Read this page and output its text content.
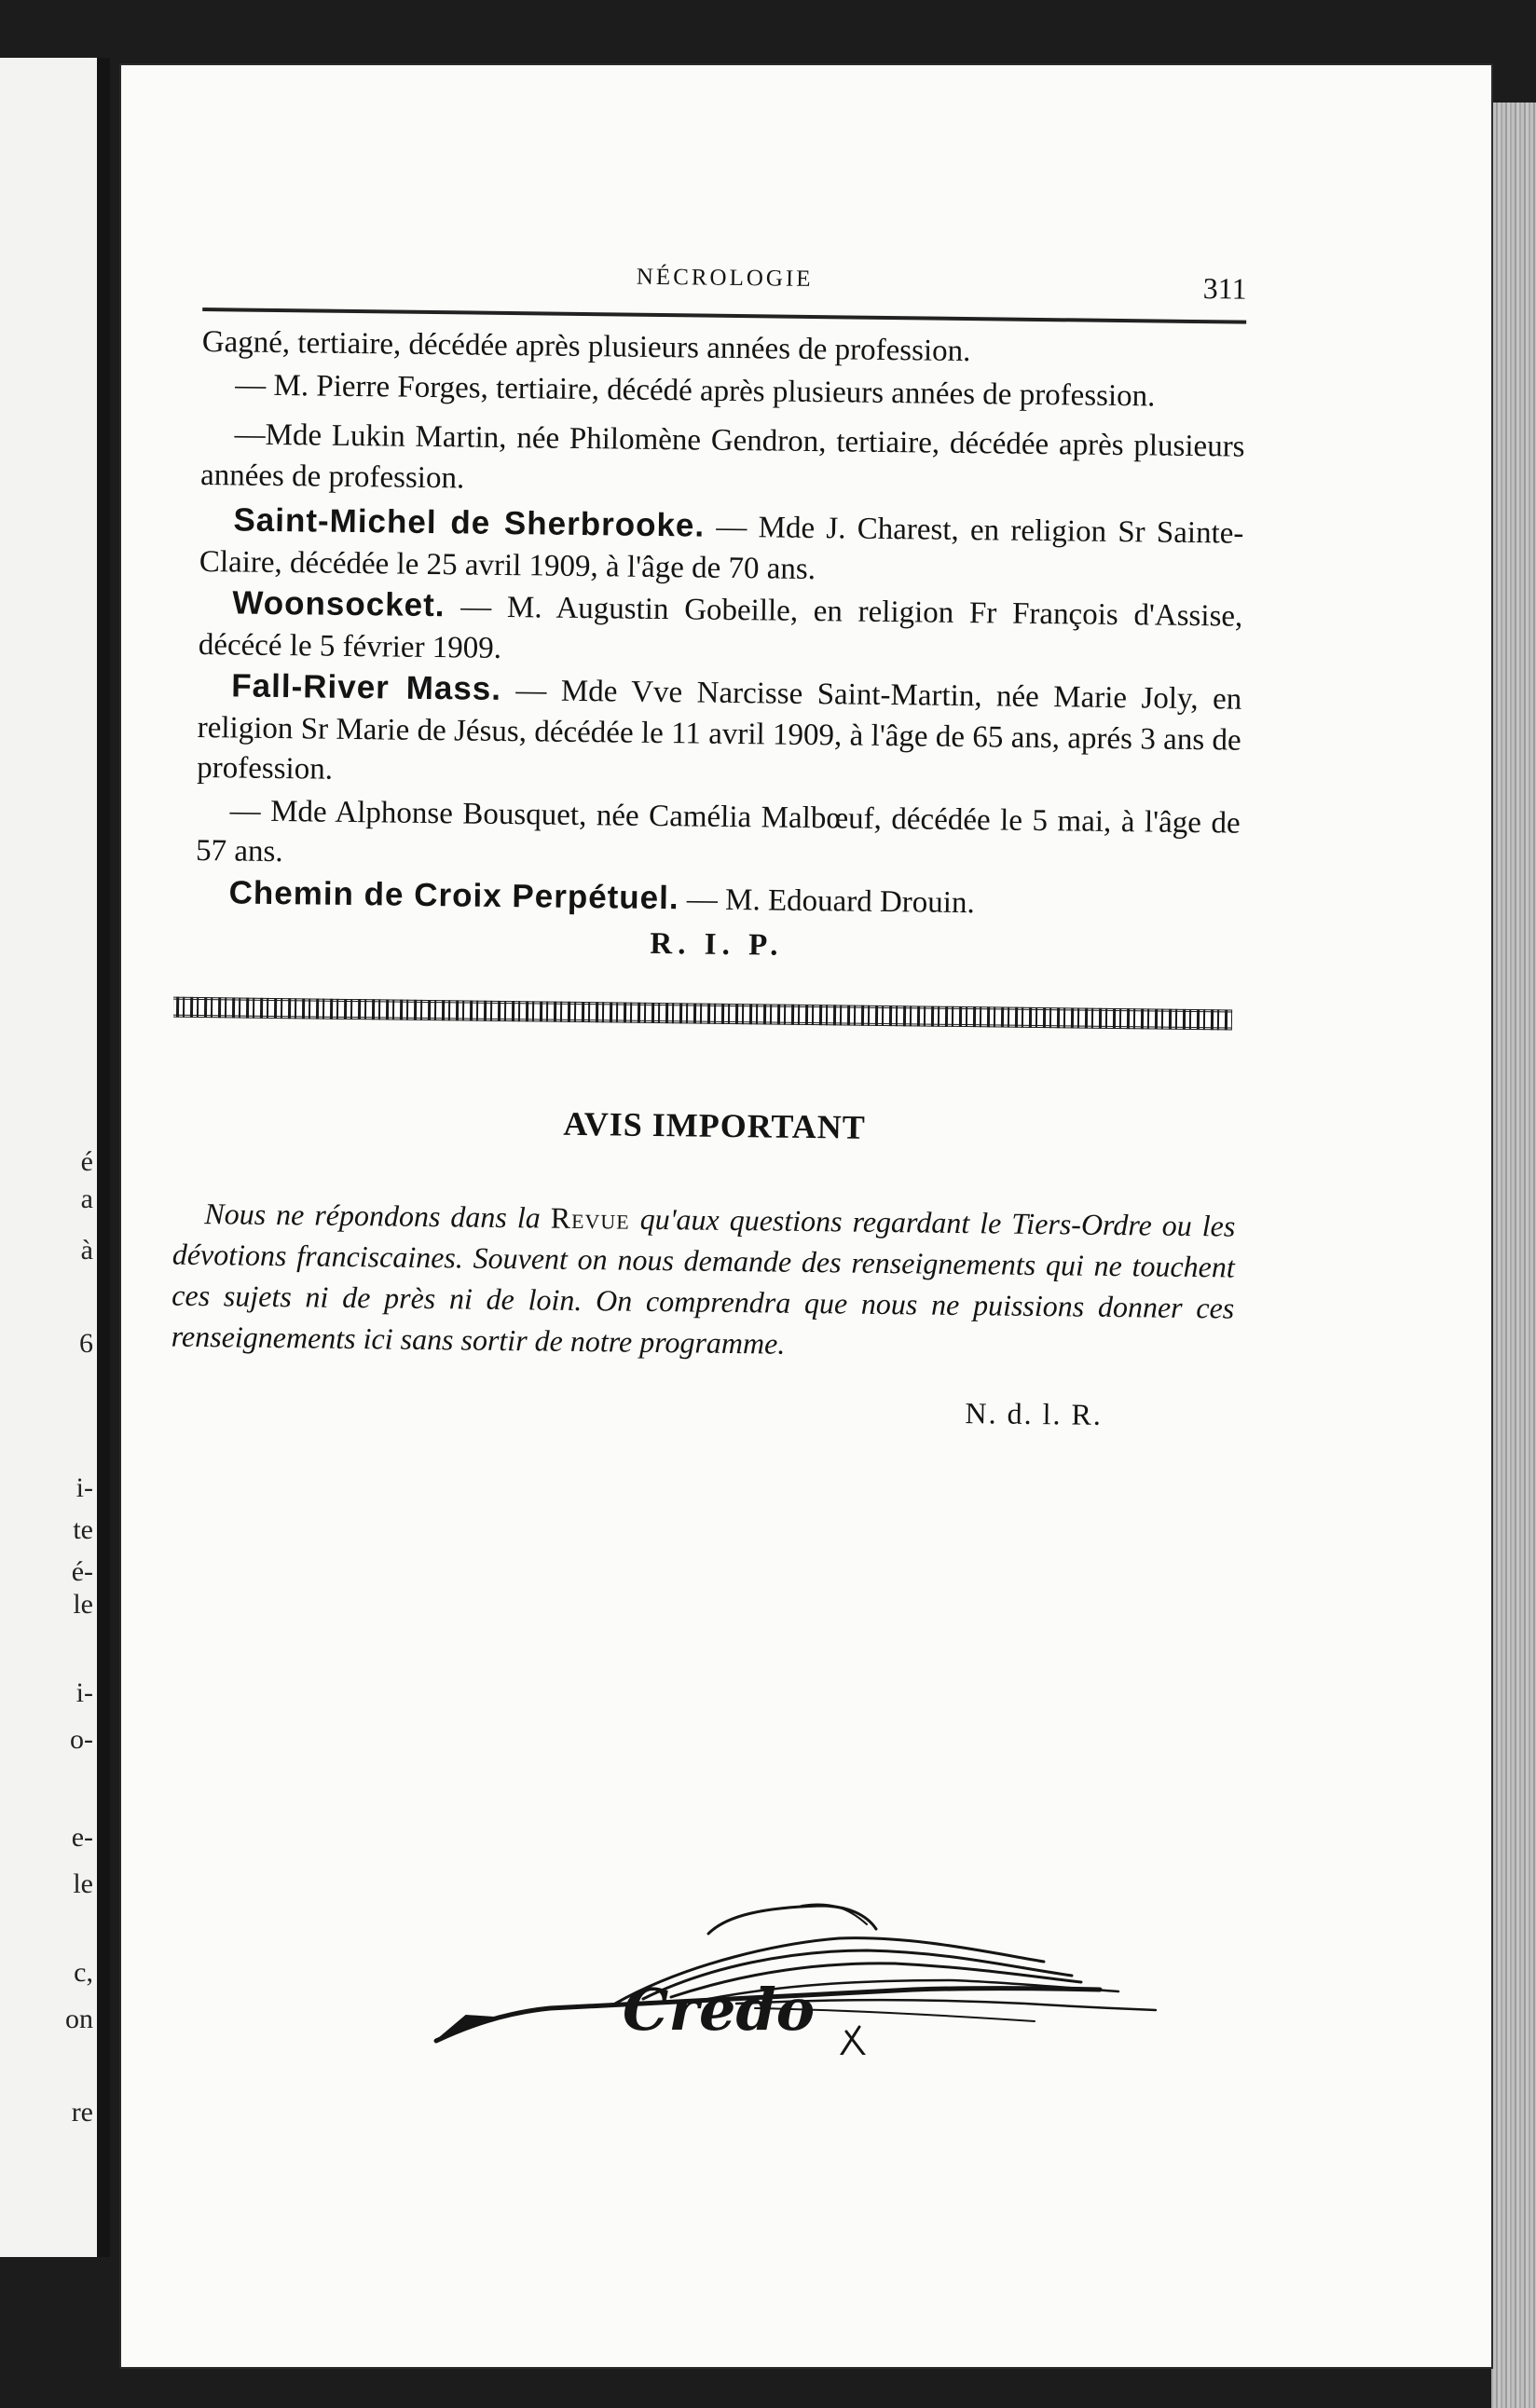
a
é
à
6
i-
te
é-
le
i-
o-
e-
le
c,
on
re
NÉCROLOGIE	311

Gagné, tertiaire, décédée après plusieurs années de profession.

— M. Pierre Forges, tertiaire, décédé après plusieurs années de profession.

—Mde Lukin Martin, née Philomène Gendron, tertiaire, décédée après plusieurs années de profession.

Saint-Michel de Sherbrooke. — Mde J. Charest, en religion Sr Sainte-Claire, décédée le 25 avril 1909, à l'âge de 70 ans.

Woonsocket. — M. Augustin Gobeille, en religion Fr François d'Assise, décécé le 5 février 1909.

Fall-River Mass. — Mde Vve Narcisse Saint-Martin, née Marie Joly, en religion Sr Marie de Jésus, décédée le 11 avril 1909, à l'âge de 65 ans, aprés 3 ans de profession.

— Mde Alphonse Bousquet, née Camélia Malbœuf, décédée le 5 mai, à l'âge de 57 ans.

Chemin de Croix Perpétuel. — M. Edouard Drouin.

R. I. P.
AVIS IMPORTANT

Nous ne répondons dans la Revue qu'aux questions regardant le Tiers-Ordre ou les dévotions franciscaines. Souvent on nous demande des renseignements qui ne touchent ces sujets ni de près ni de loin. On comprendra que nous ne puissions donner ces renseignements ici sans sortir de notre programme.

N. d. l. R.
Credo
